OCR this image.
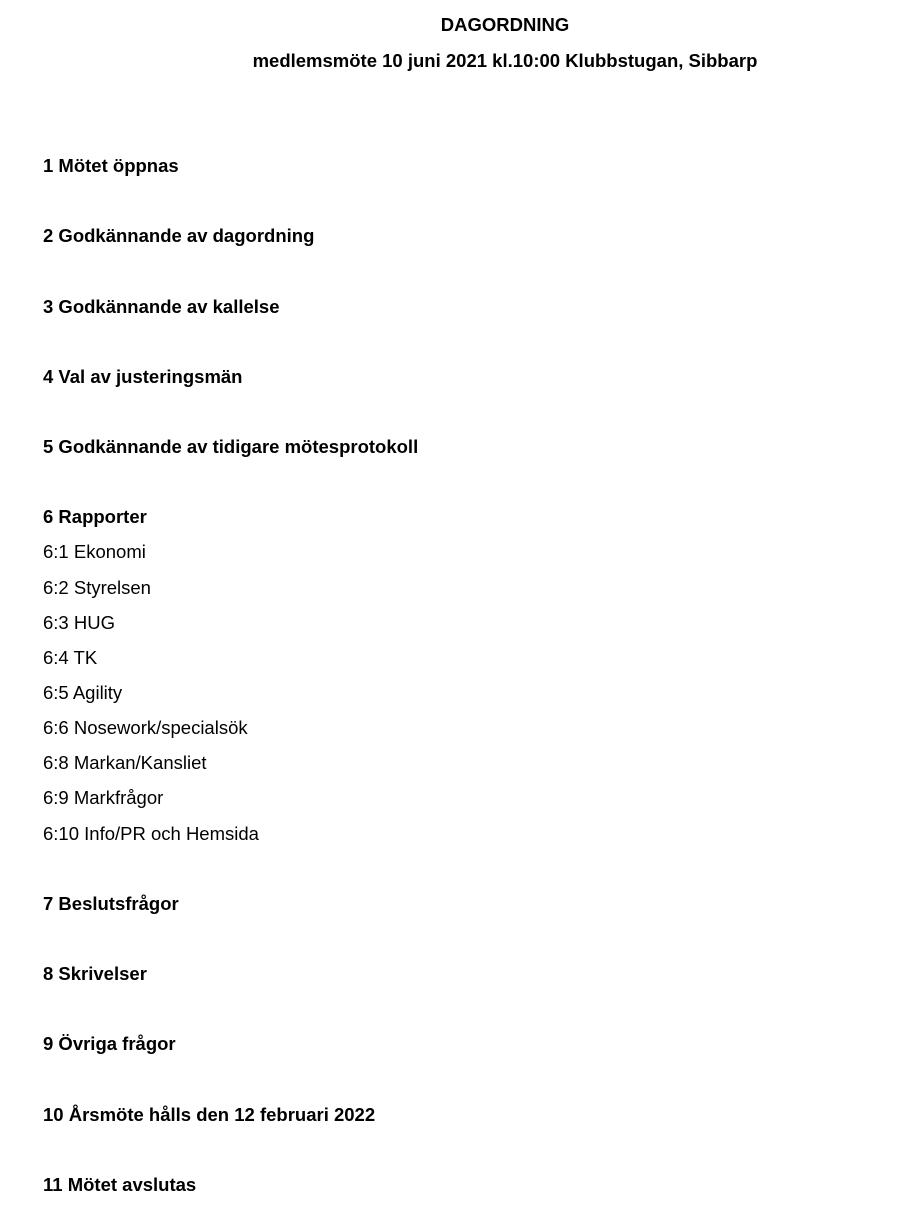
DAGORDNING
medlemsmöte 10 juni 2021 kl.10:00 Klubbstugan, Sibbarp
1 Mötet öppnas
2 Godkännande av dagordning
3 Godkännande av kallelse
4 Val av justeringsmän
5 Godkännande av tidigare mötesprotokoll
6 Rapporter
6:1 Ekonomi
6:2 Styrelsen
6:3 HUG
6:4 TK
6:5 Agility
6:6 Nosework/specialsök
6:8 Markan/Kansliet
6:9 Markfrågor
6:10 Info/PR och Hemsida
7 Beslutsfrågor
8 Skrivelser
9 Övriga frågor
10 Årsmöte hålls den 12 februari 2022
11 Mötet avslutas
